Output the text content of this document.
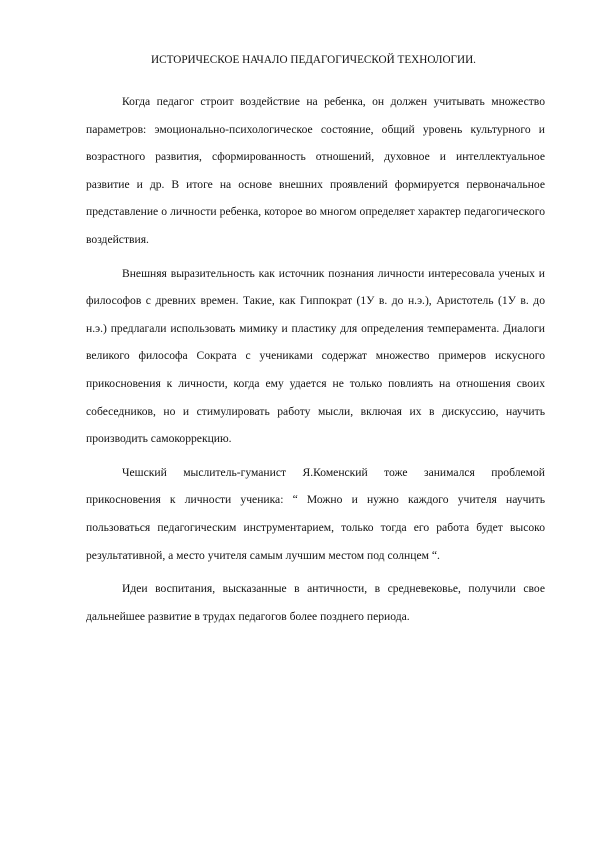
ИСТОРИЧЕСКОЕ НАЧАЛО ПЕДАГОГИЧЕСКОЙ ТЕХНОЛОГИИ.

Когда педагог строит воздействие на ребенка, он должен учитывать множество параметров: эмоционально-психологическое состояние, общий уровень культурного и возрастного развития, сформированность отношений, духовное и интеллектуальное развитие и др. В итоге на основе внешних проявлений формируется первоначальное представление о личности ребенка, которое во многом определяет характер педагогического воздействия.

Внешняя выразительность как источник познания личности интересовала ученых и философов с древних времен. Такие, как Гиппократ (1У в. до н.э.), Аристотель (1У в. до н.э.) предлагали использовать мимику и пластику для определения темперамента. Диалоги великого философа Сократа с учениками содержат множество примеров искусного прикосновения к личности, когда ему удается не только повлиять на отношения своих собеседников, но и стимулировать работу мысли, включая их в дискуссию, научить производить самокоррекцию.

Чешский мыслитель-гуманист Я.Коменский тоже занимался проблемой прикосновения к личности ученика: “ Можно и нужно каждого учителя научить пользоваться педагогическим инструментарием, только тогда его работа будет высоко результативной, а место учителя самым лучшим местом под солнцем “.

Идеи воспитания, высказанные в античности, в средневековье, получили свое дальнейшее развитие в трудах педагогов более позднего периода.
